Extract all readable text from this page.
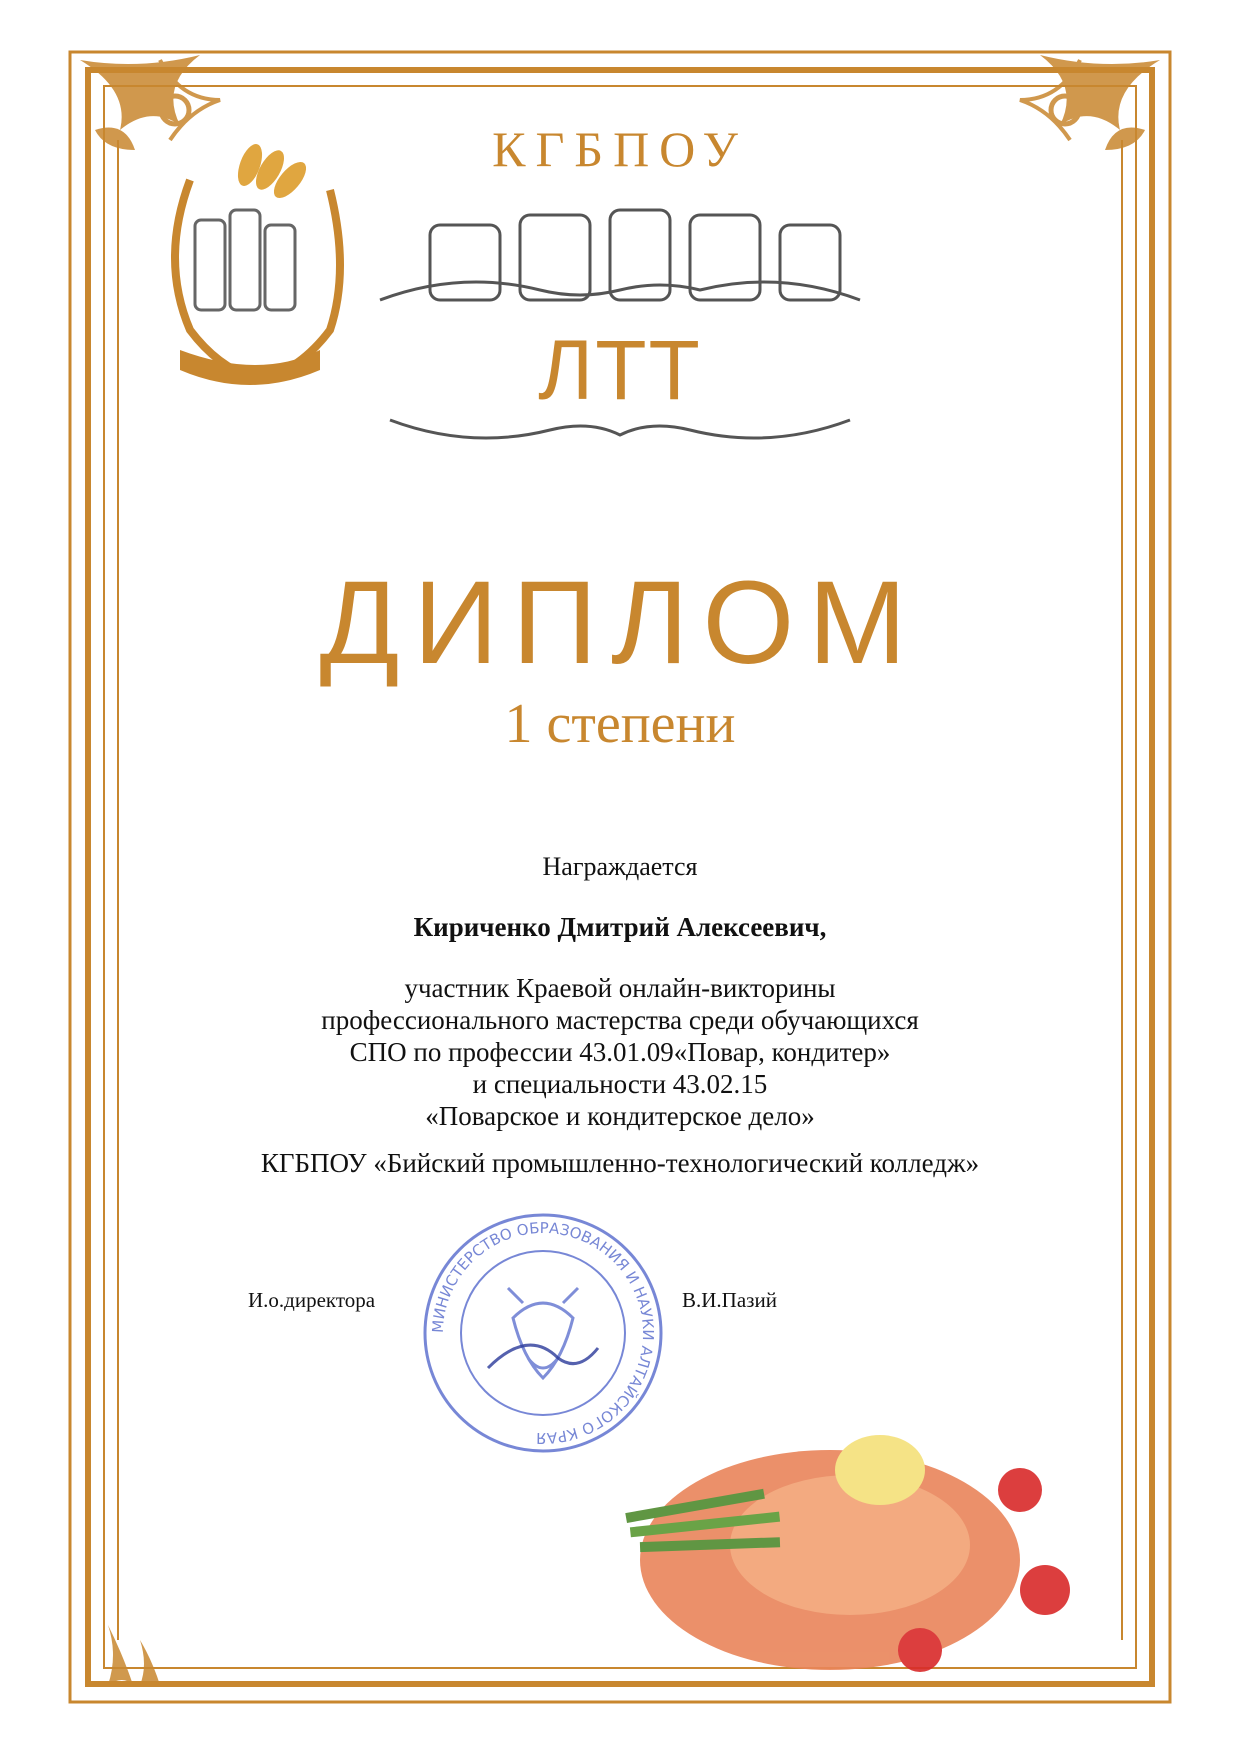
КГБПОУ
ЛТТ
ДИПЛОМ
1 степени
Награждается
Кириченко Дмитрий Алексеевич,
участник Краевой онлайн-викторины
профессионального мастерства среди обучающихся
СПО по профессии 43.01.09«Повар, кондитер»
и специальности 43.02.15
«Поварское и кондитерское дело»
КГБПОУ «Бийский промышленно-технологический колледж»
И.о.директора	В.И.Пазий
МИНИСТЕРСТВО ОБРАЗОВАНИЯ И НАУКИ АЛТАЙСКОГО КРАЯ
